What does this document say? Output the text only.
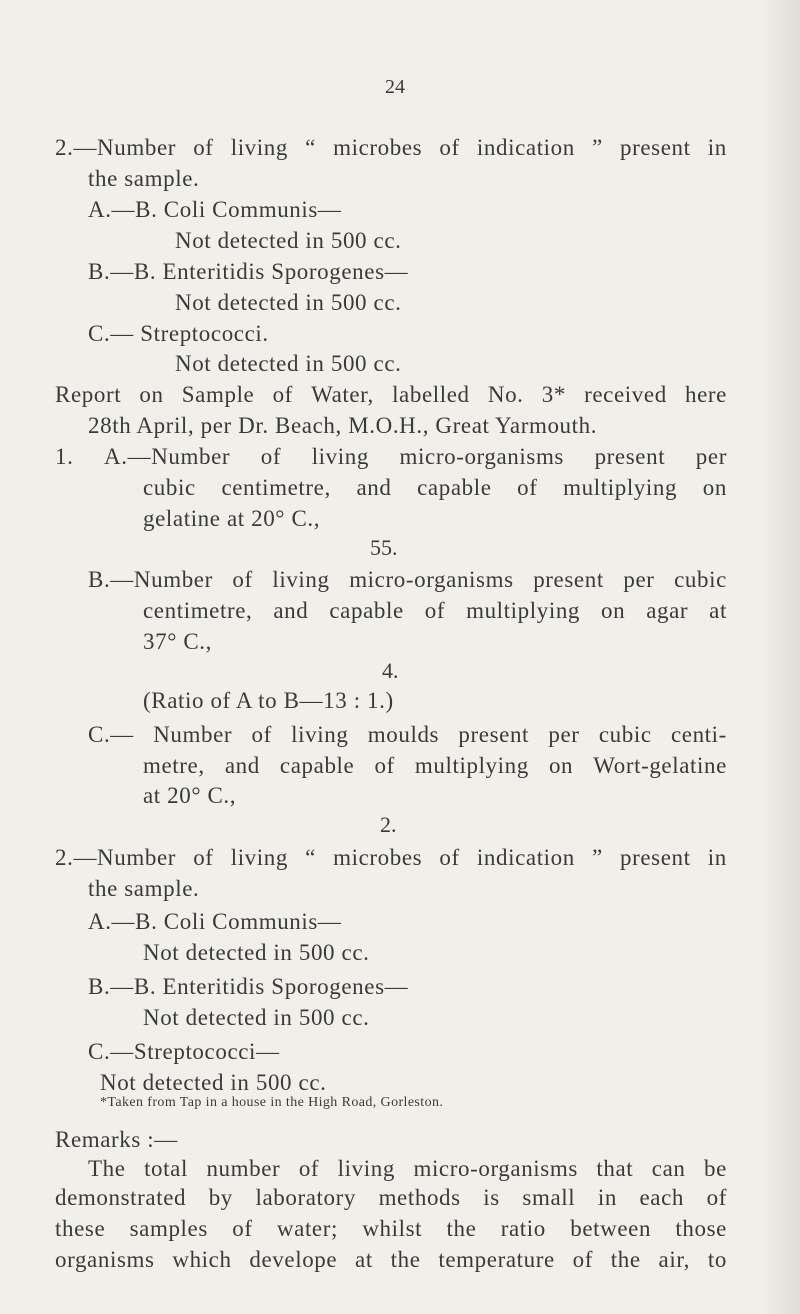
24
2.—Number of living “ microbes of indication ” present in
the sample.
A.—B. Coli Communis—
Not detected in 500 cc.
B.—B. Enteritidis Sporogenes—
Not detected in 500 cc.
C.— Streptococci.
Not detected in 500 cc.
Report on Sample of Water, labelled No. 3* received here
28th April, per Dr. Beach, M.O.H., Great Yarmouth.
1. A.—Number of living micro-organisms present per
cubic centimetre, and capable of multiplying on
gelatine at 20° C.,
55.
B.—Number of living micro-organisms present per cubic
centimetre, and capable of multiplying on agar at
37° C.,
4.
(Ratio of A to B—13 : 1.)
C.— Number of living moulds present per cubic centi-
metre, and capable of multiplying on Wort-gelatine
at 20° C.,
2.
2.—Number of living “ microbes of indication ” present in
the sample.
A.—B. Coli Communis—
Not detected in 500 cc.
B.—B. Enteritidis Sporogenes—
Not detected in 500 cc.
C.—Streptococci—
Not detected in 500 cc.
*Taken from Tap in a house in the High Road, Gorleston.
Remarks :—
The total number of living micro-organisms that can be
demonstrated by laboratory methods is small in each of
these samples of water; whilst the ratio between those
organisms which develope at the temperature of the air, to
